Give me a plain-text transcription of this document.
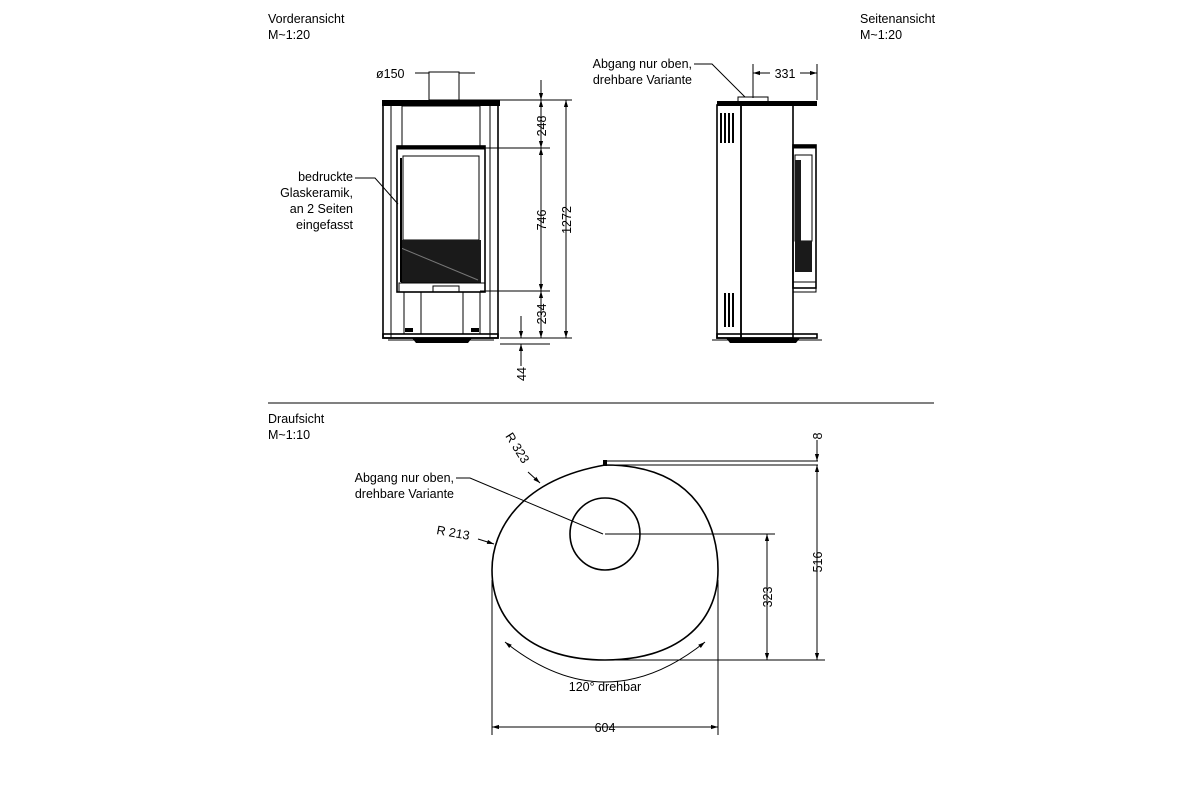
Vorderansicht
M~1:20
Seitenansicht
M~1:20
Draufsicht
M~1:10
ø150
bedruckte
Glaskeramik,
an 2 Seiten
eingefasst
248
746 1272
234
44
Abgang nur oben,
drehbare Variante	331
120° drehbar
Abgang nur oben,
drehbare Variante
R 323
R 213
8
516
323
604
